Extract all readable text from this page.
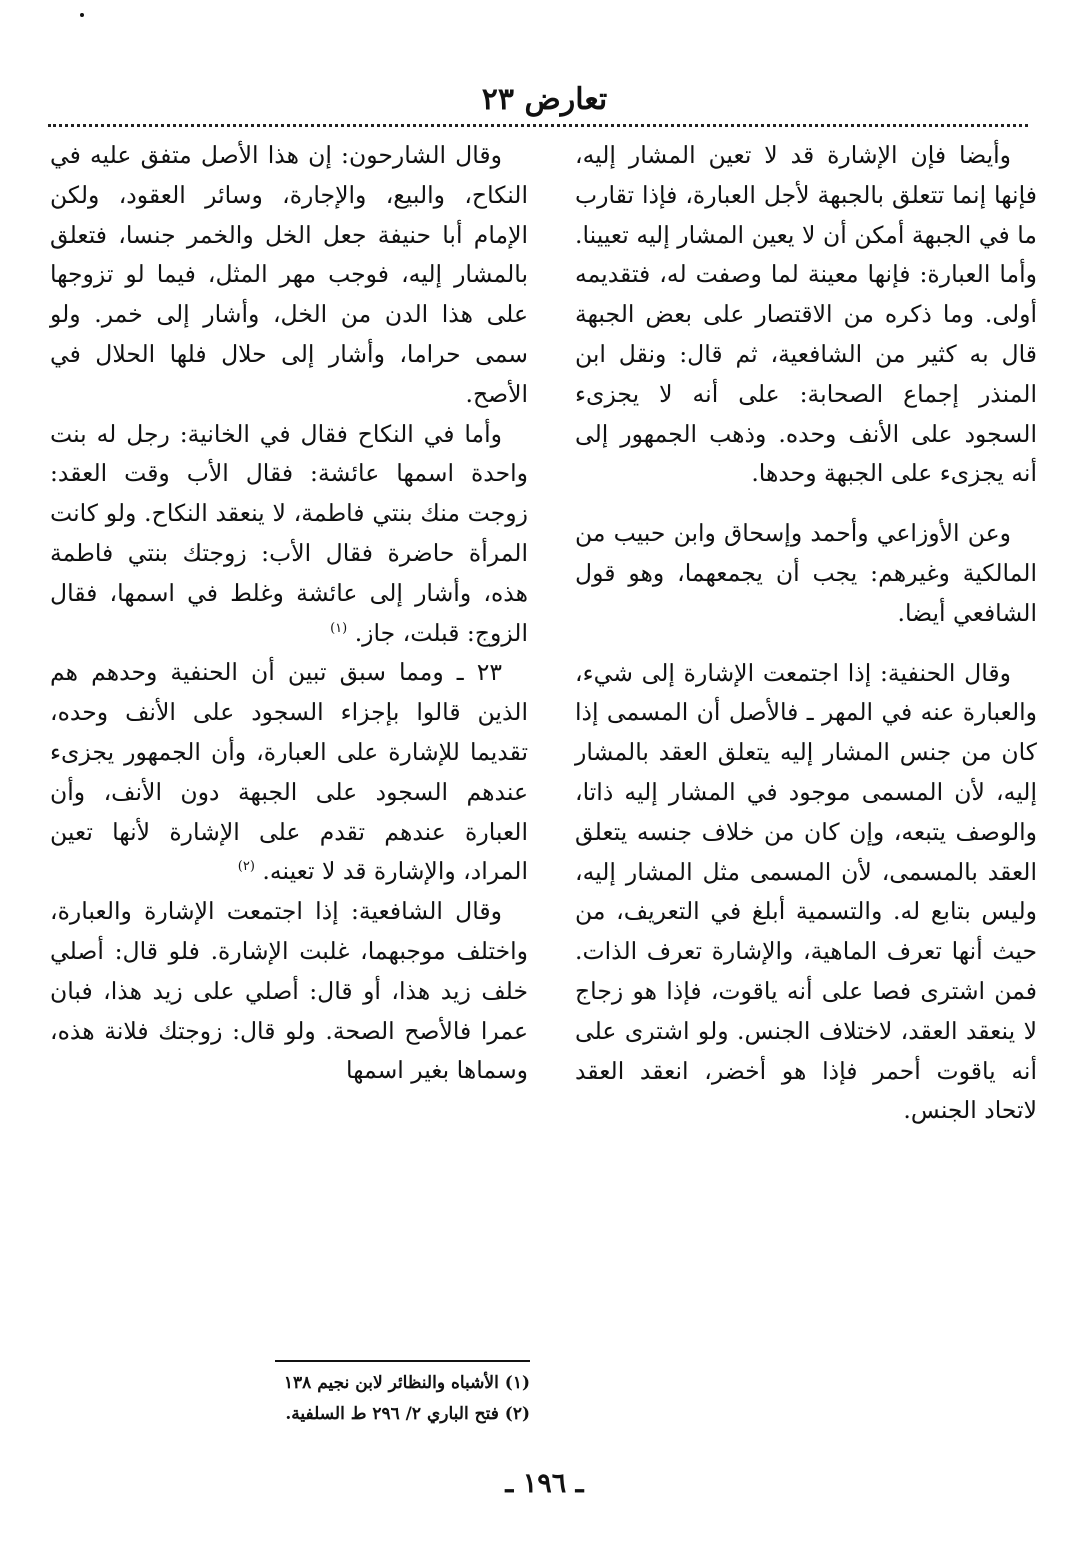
تعارض ٢٣

وأيضا فإن الإشارة قد لا تعين المشار إليه، فإنها إنما تتعلق بالجبهة لأجل العبارة، فإذا تقارب ما في الجبهة أمكن أن لا يعين المشار إليه تعيينا. وأما العبارة: فإنها معينة لما وصفت له، فتقديمه أولى. وما ذكره من الاقتصار على بعض الجبهة قال به كثير من الشافعية، ثم قال: ونقل ابن المنذر إجماع الصحابة: على أنه لا يجزىء السجود على الأنف وحده. وذهب الجمهور إلى أنه يجزىء على الجبهة وحدها.

وعن الأوزاعي وأحمد وإسحاق وابن حبيب من المالكية وغيرهم: يجب أن يجمعهما، وهو قول الشافعي أيضا.

وقال الحنفية: إذا اجتمعت الإشارة إلى شيء، والعبارة عنه في المهر ـ فالأصل أن المسمى إذا كان من جنس المشار إليه يتعلق العقد بالمشار إليه، لأن المسمى موجود في المشار إليه ذاتا، والوصف يتبعه، وإن كان من خلاف جنسه يتعلق العقد بالمسمى، لأن المسمى مثل المشار إليه، وليس بتابع له. والتسمية أبلغ في التعريف، من حيث أنها تعرف الماهية، والإشارة تعرف الذات. فمن اشترى فصا على أنه ياقوت، فإذا هو زجاج لا ينعقد العقد، لاختلاف الجنس. ولو اشترى على أنه ياقوت أحمر فإذا هو أخضر، انعقد العقد لاتحاد الجنس.

وقال الشارحون: إن هذا الأصل متفق عليه في النكاح، والبيع، والإجارة، وسائر العقود، ولكن الإمام أبا حنيفة جعل الخل والخمر جنسا، فتعلق بالمشار إليه، فوجب مهر المثل، فيما لو تزوجها على هذا الدن من الخل، وأشار إلى خمر. ولو سمى حراما، وأشار إلى حلال فلها الحلال في الأصح.

وأما في النكاح فقال في الخانية: رجل له بنت واحدة اسمها عائشة: فقال الأب وقت العقد: زوجت منك بنتي فاطمة، لا ينعقد النكاح. ولو كانت المرأة حاضرة فقال الأب: زوجتك بنتي فاطمة هذه، وأشار إلى عائشة وغلط في اسمها، فقال الزوج: قبلت، جاز. $^{(١)}$

٢٣ ـ ومما سبق تبين أن الحنفية وحدهم هم الذين قالوا بإجزاء السجود على الأنف وحده، تقديما للإشارة على العبارة، وأن الجمهور يجزىء عندهم السجود على الجبهة دون الأنف، وأن العبارة عندهم تقدم على الإشارة لأنها تعين المراد، والإشارة قد لا تعينه. $^{(٢)}$

وقال الشافعية: إذا اجتمعت الإشارة والعبارة، واختلف موجبهما، غلبت الإشارة. فلو قال: أصلي خلف زيد هذا، أو قال: أصلي على زيد هذا، فبان عمرا فالأصح الصحة. ولو قال: زوجتك فلانة هذه، وسماها بغير اسمها

(١) الأشباه والنظائر لابن نجيم ١٣٨
(٢) فتح الباري ٢/ ٢٩٦ ط السلفية.
ـ ١٩٦ ـ
